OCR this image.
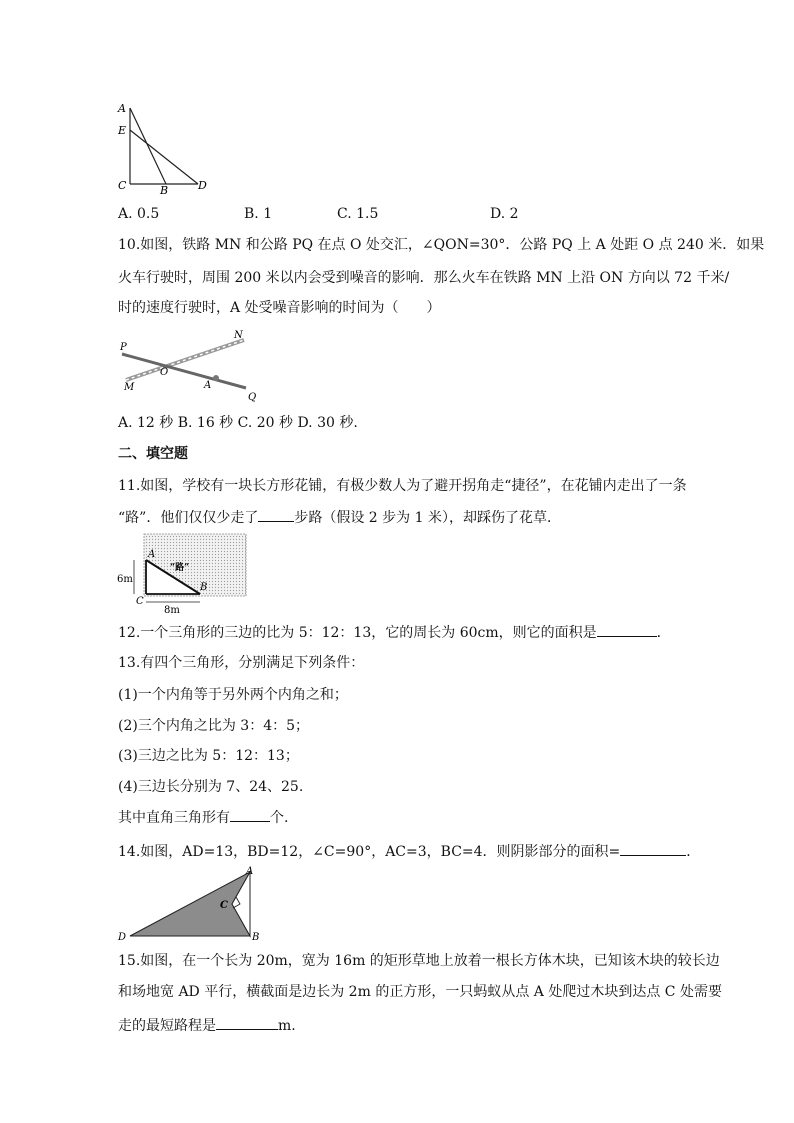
A
E
C	B	D
A. 0.5	B. 1	C. 1.5	D. 2
10.如图，铁路 MN 和公路 PQ 在点 O 处交汇，∠QON=30°．公路 PQ 上 A 处距 O 点 240 米．如果
火车行驶时，周围 200 米以内会受到噪音的影响．那么火车在铁路 MN 上沿 ON 方向以 72 千米/
时的速度行驶时，A 处受噪音影响的时间为（　　）
P
N
M
O
A
Q
A. 12 秒 B. 16 秒 C. 20 秒 D. 30 秒.
二、填空题
11.如图，学校有一块长方形花铺，有极少数人为了避开拐角走“捷径”，在花铺内走出了一条
“路”．他们仅仅少走了	步路（假设 2 步为 1 米），却踩伤了花草．
6m
8m
A
C
B
“路”
12.一个三角形的三边的比为 5：12：13，它的周长为 60cm，则它的面积是	．
13.有四个三角形，分别满足下列条件：
(1)一个内角等于另外两个内角之和；
(2)三个内角之比为 3：4：5；
(3)三边之比为 5：12：13；
(4)三边长分别为 7、24、25.
其中直角三角形有	个.
14.如图，AD=13，BD=12，∠C=90°，AC=3，BC=4．则阴影部分的面积=	．
A
C
D	B
15.如图，在一个长为 20m，宽为 16m 的矩形草地上放着一根长方体木块，已知该木块的较长边
和场地宽 AD 平行，横截面是边长为 2m 的正方形，一只蚂蚁从点 A 处爬过木块到达点 C 处需要
走的最短路程是	m.
